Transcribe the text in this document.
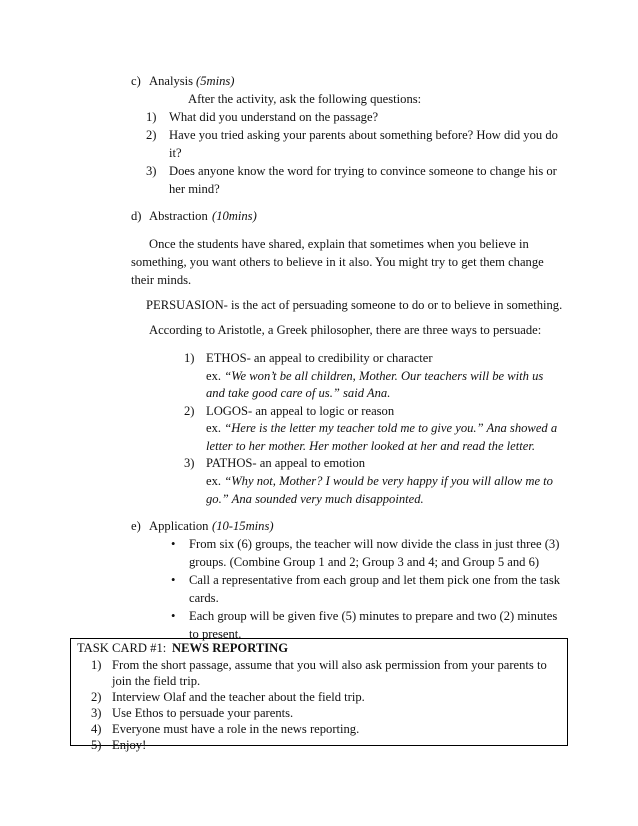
c) Analysis (5mins)
After the activity, ask the following questions:
1) What did you understand on the passage?
2) Have you tried asking your parents about something before? How did you do
it?
3) Does anyone know the word for trying to convince someone to change his or
her mind?
d) Abstraction (10mins)
Once the students have shared, explain that sometimes when you believe in
something, you want others to believe in it also. You might try to get them change
their minds.
PERSUASION- is the act of persuading someone to do or to believe in something.
According to Aristotle, a Greek philosopher, there are three ways to persuade:
1) ETHOS- an appeal to credibility or character
ex. “We won’t be all children, Mother. Our teachers will be with us
and take good care of us.” said Ana.
2) LOGOS- an appeal to logic or reason
ex. “Here is the letter my teacher told me to give you.” Ana showed a
letter to her mother. Her mother looked at her and read the letter.
3) PATHOS- an appeal to emotion
ex. “Why not, Mother? I would be very happy if you will allow me to
go.” Ana sounded very much disappointed.
e) Application (10-15mins)
•
From six (6) groups, the teacher will now divide the class in just three (3)
groups. (Combine Group 1 and 2; Group 3 and 4; and Group 5 and 6)
•
Call a representative from each group and let them pick one from the task
cards.
•
Each group will be given five (5) minutes to prepare and two (2) minutes
to present.
TASK CARD #1: NEWS REPORTING
1) From the short passage, assume that you will also ask permission from your parents to
join the field trip.
2) Interview Olaf and the teacher about the field trip.
3) Use Ethos to persuade your parents.
4) Everyone must have a role in the news reporting.
5) Enjoy!
